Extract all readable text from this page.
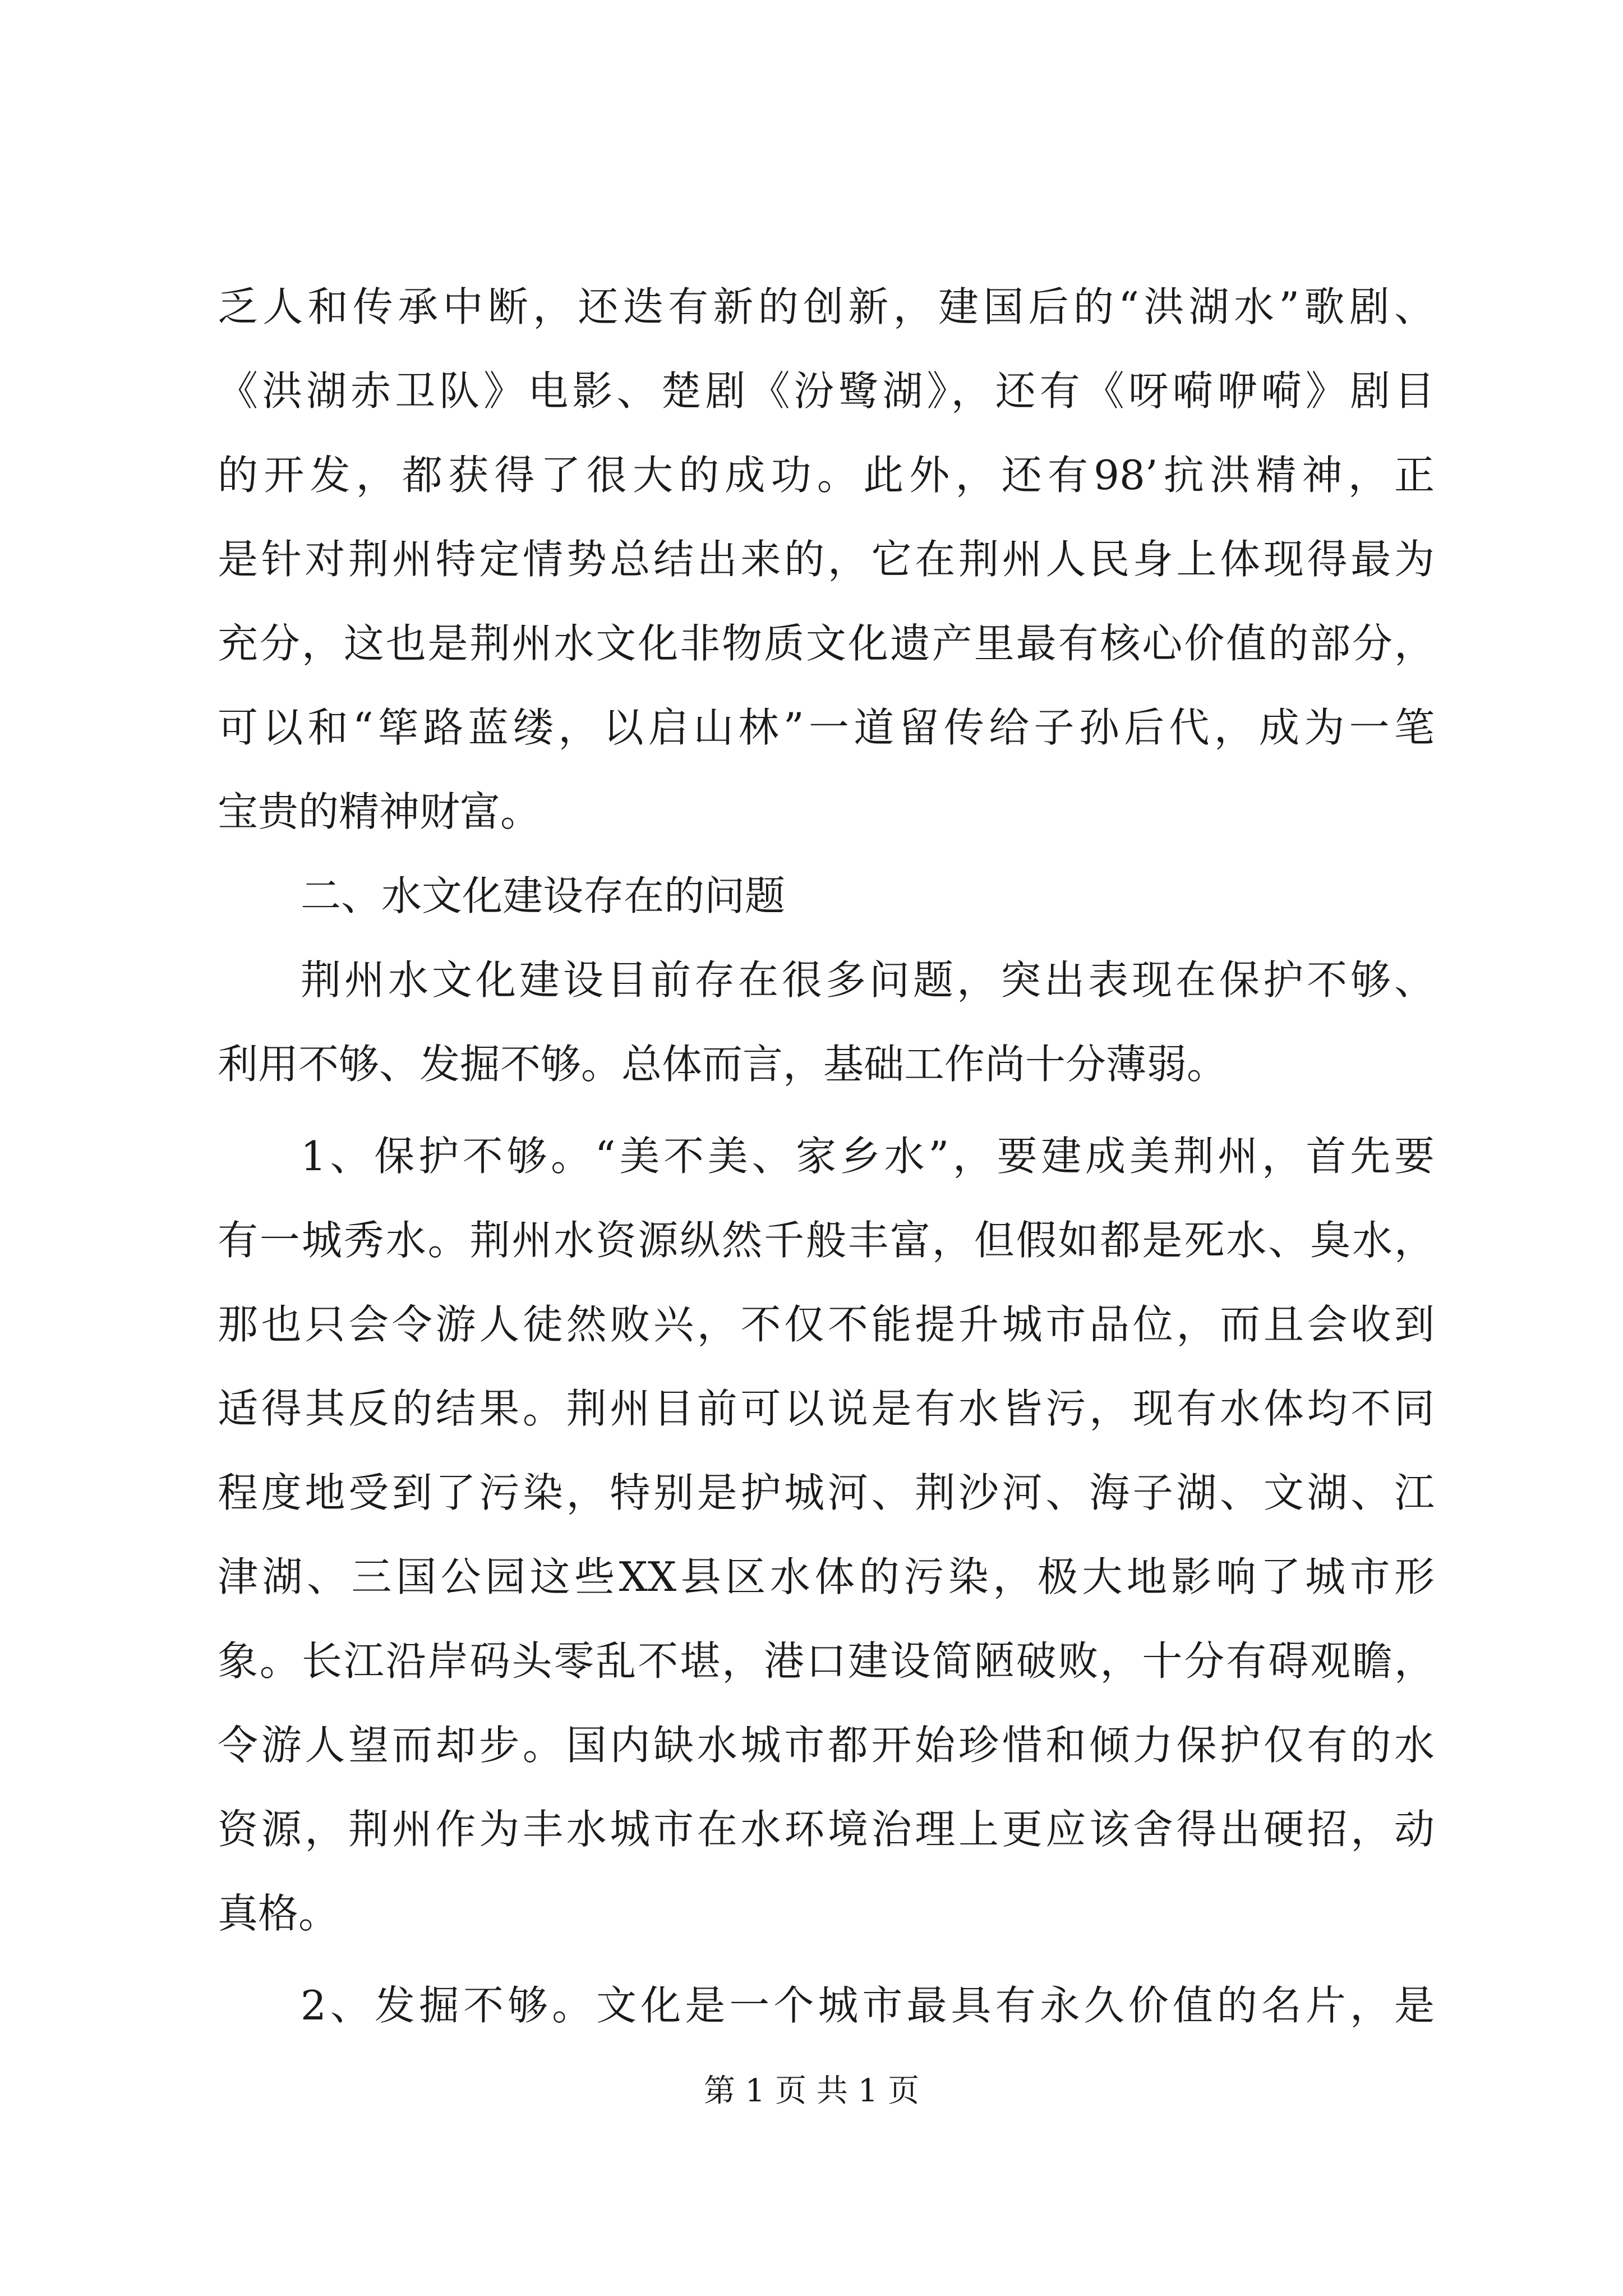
乏人和传承中断，还迭有新的创新，建国后的“洪湖水”歌剧、
《洪湖赤卫队》电影、楚剧《汾鹭湖》，还有《呀嗬咿嗬》剧目
的开发，都获得了很大的成功。此外，还有98’抗洪精神，正
是针对荆州特定情势总结出来的，它在荆州人民身上体现得最为
充分，这也是荆州水文化非物质文化遗产里最有核心价值的部分，
可以和“筚路蓝缕，以启山林”一道留传给子孙后代，成为一笔
宝贵的精神财富。
二、水文化建设存在的问题
荆州水文化建设目前存在很多问题，突出表现在保护不够、
利用不够、发掘不够。总体而言，基础工作尚十分薄弱。
1、保护不够。“美不美、家乡水”，要建成美荆州，首先要
有一城秀水。荆州水资源纵然千般丰富，但假如都是死水、臭水，
那也只会令游人徒然败兴，不仅不能提升城市品位，而且会收到
适得其反的结果。荆州目前可以说是有水皆污，现有水体均不同
程度地受到了污染，特别是护城河、荆沙河、海子湖、文湖、江
津湖、三国公园这些XX县区水体的污染，极大地影响了城市形
象。长江沿岸码头零乱不堪，港口建设简陋破败，十分有碍观瞻，
令游人望而却步。国内缺水城市都开始珍惜和倾力保护仅有的水
资源，荆州作为丰水城市在水环境治理上更应该舍得出硬招，动
真格。
2、发掘不够。文化是一个城市最具有永久价值的名片，是
第 1 页 共 1 页
